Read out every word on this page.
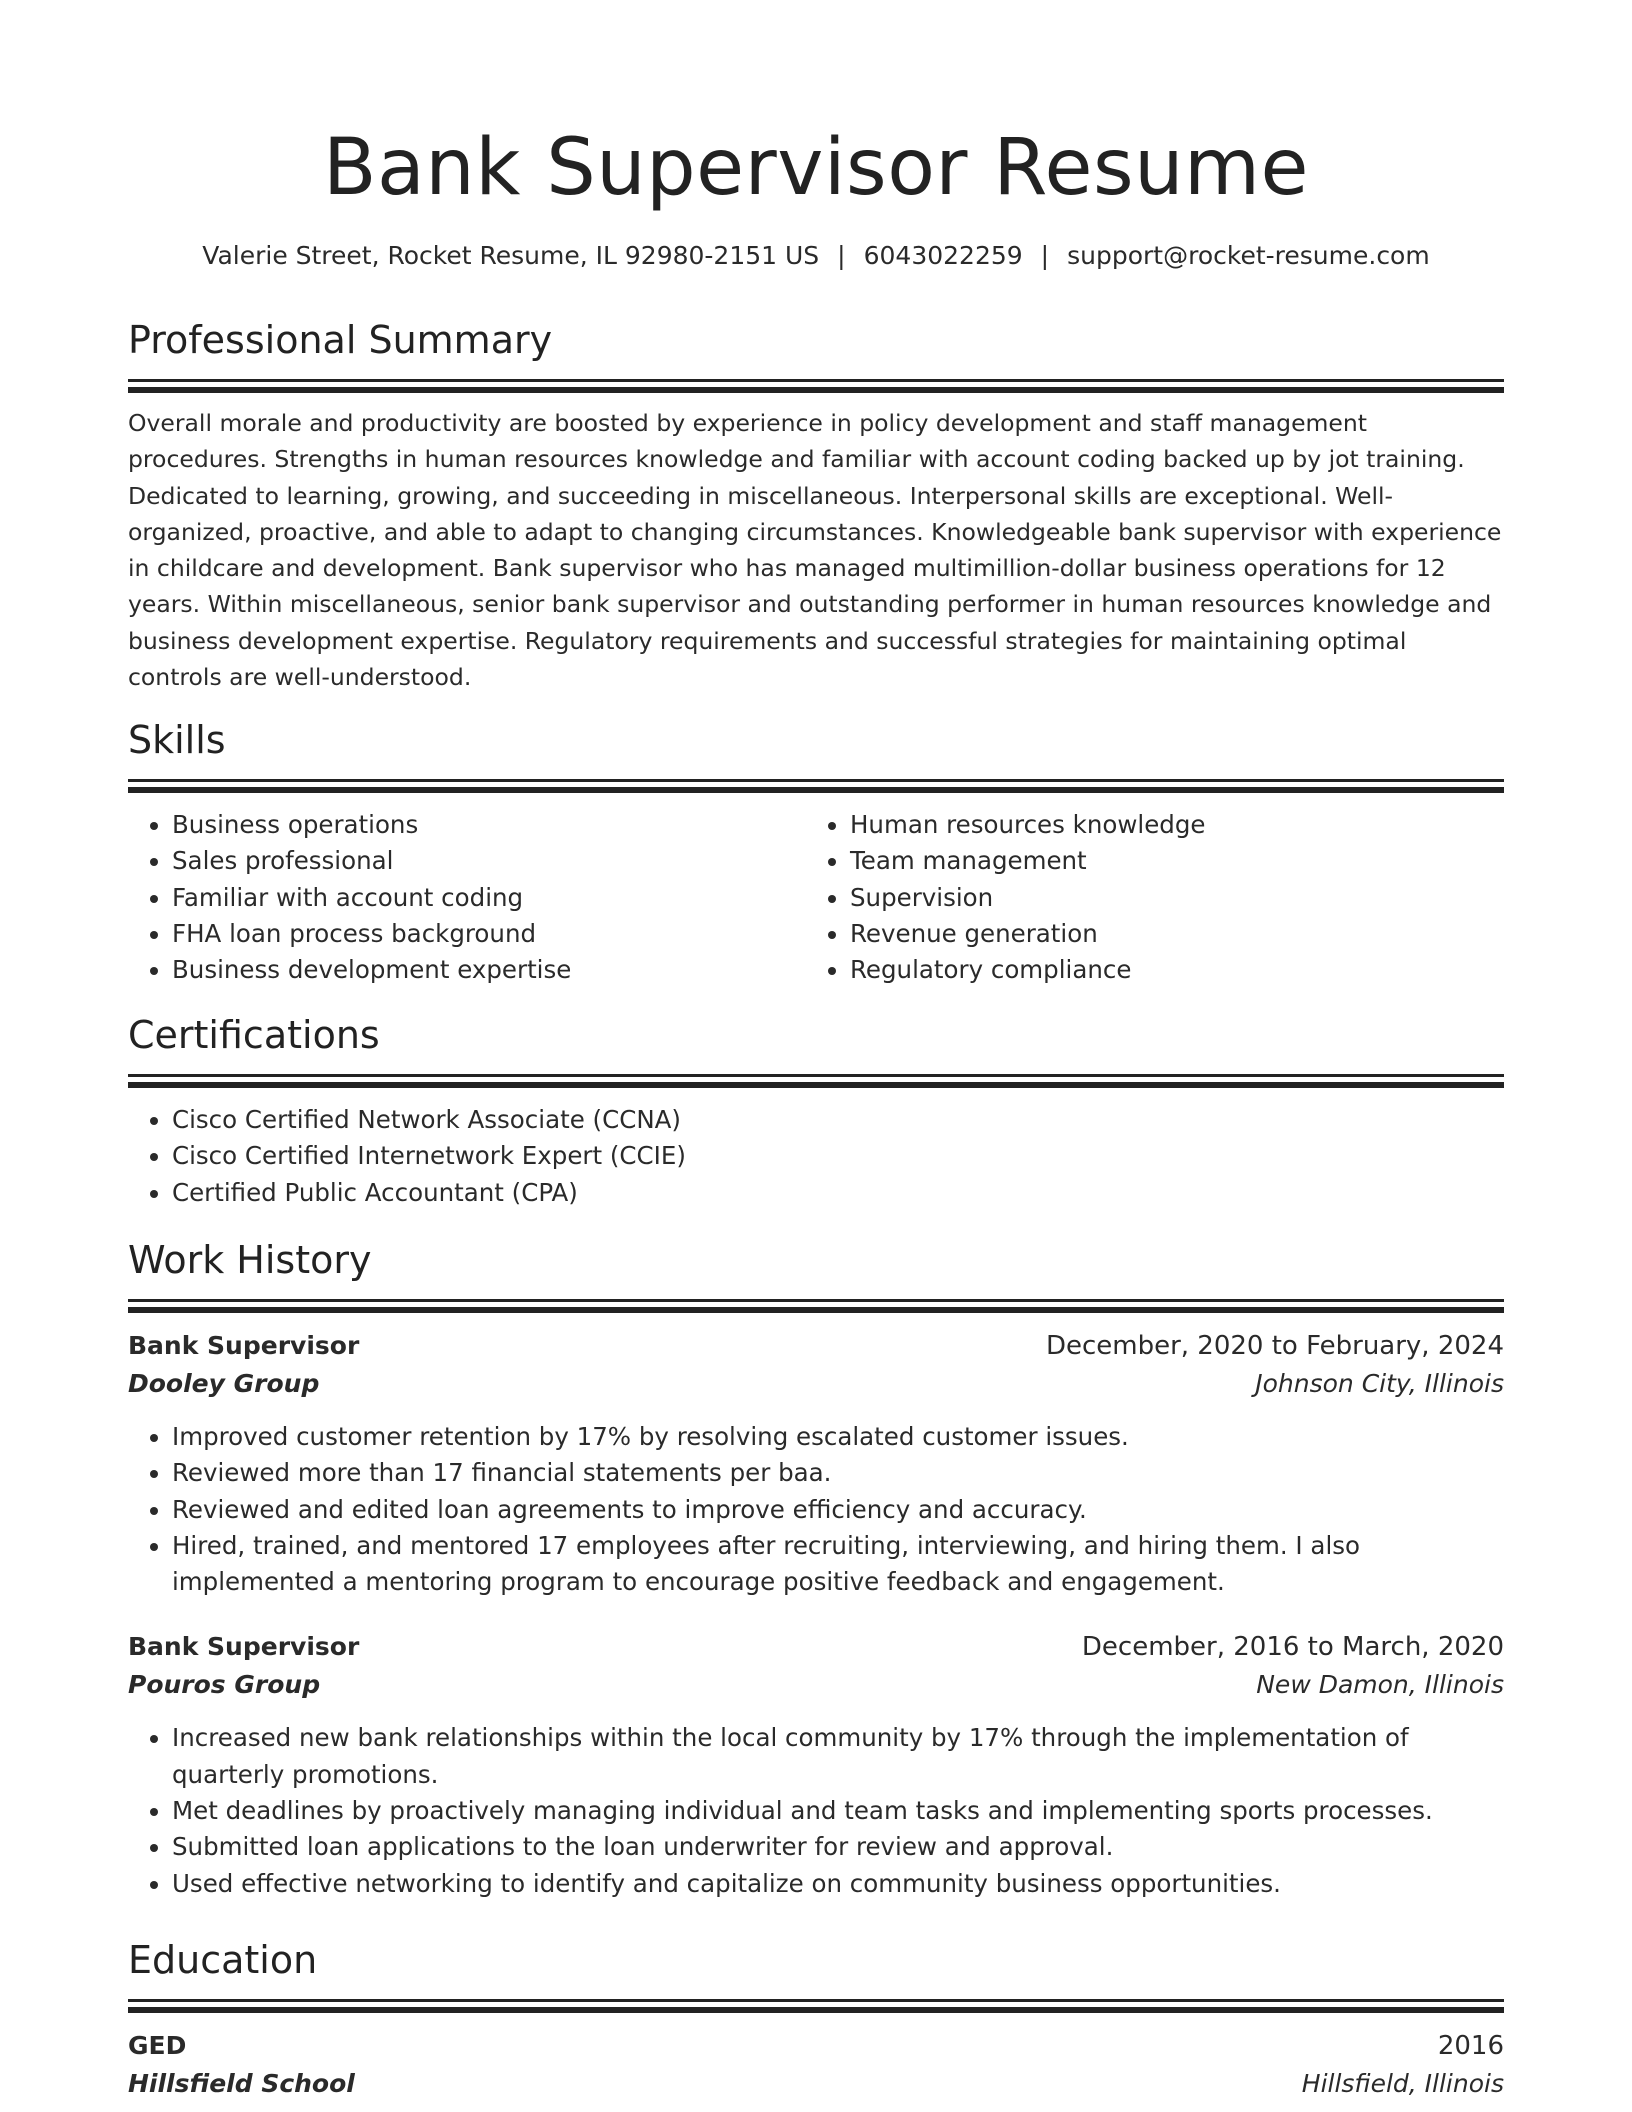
Bank Supervisor Resume
Valerie Street, Rocket Resume, IL 92980-2151 US | 6043022259 | support@rocket-resume.com
Professional Summary
Overall morale and productivity are boosted by experience in policy development and staff management procedures. Strengths in human resources knowledge and familiar with account coding backed up by jot training. Dedicated to learning, growing, and succeeding in miscellaneous. Interpersonal skills are exceptional. Well-organized, proactive, and able to adapt to changing circumstances. Knowledgeable bank supervisor with experience in childcare and development. Bank supervisor who has managed multimillion-dollar business operations for 12 years. Within miscellaneous, senior bank supervisor and outstanding performer in human resources knowledge and business development expertise. Regulatory requirements and successful strategies for maintaining optimal controls are well-understood.
Skills
• Business operations
• Sales professional
• Familiar with account coding
• FHA loan process background
• Business development expertise
• Human resources knowledge
• Team management
• Supervision
• Revenue generation
• Regulatory compliance
Certifications
• Cisco Certified Network Associate (CCNA)
• Cisco Certified Internetwork Expert (CCIE)
• Certified Public Accountant (CPA)
Work History
Bank Supervisor	December, 2020 to February, 2024
Dooley Group	Johnson City, Illinois
• Improved customer retention by 17% by resolving escalated customer issues.
• Reviewed more than 17 financial statements per baa.
• Reviewed and edited loan agreements to improve efficiency and accuracy.
• Hired, trained, and mentored 17 employees after recruiting, interviewing, and hiring them. I also implemented a mentoring program to encourage positive feedback and engagement.
Bank Supervisor	December, 2016 to March, 2020
Pouros Group	New Damon, Illinois
• Increased new bank relationships within the local community by 17% through the implementation of quarterly promotions.
• Met deadlines by proactively managing individual and team tasks and implementing sports processes.
• Submitted loan applications to the loan underwriter for review and approval.
• Used effective networking to identify and capitalize on community business opportunities.
Education
GED	2016
Hillsfield School	Hillsfield, Illinois
